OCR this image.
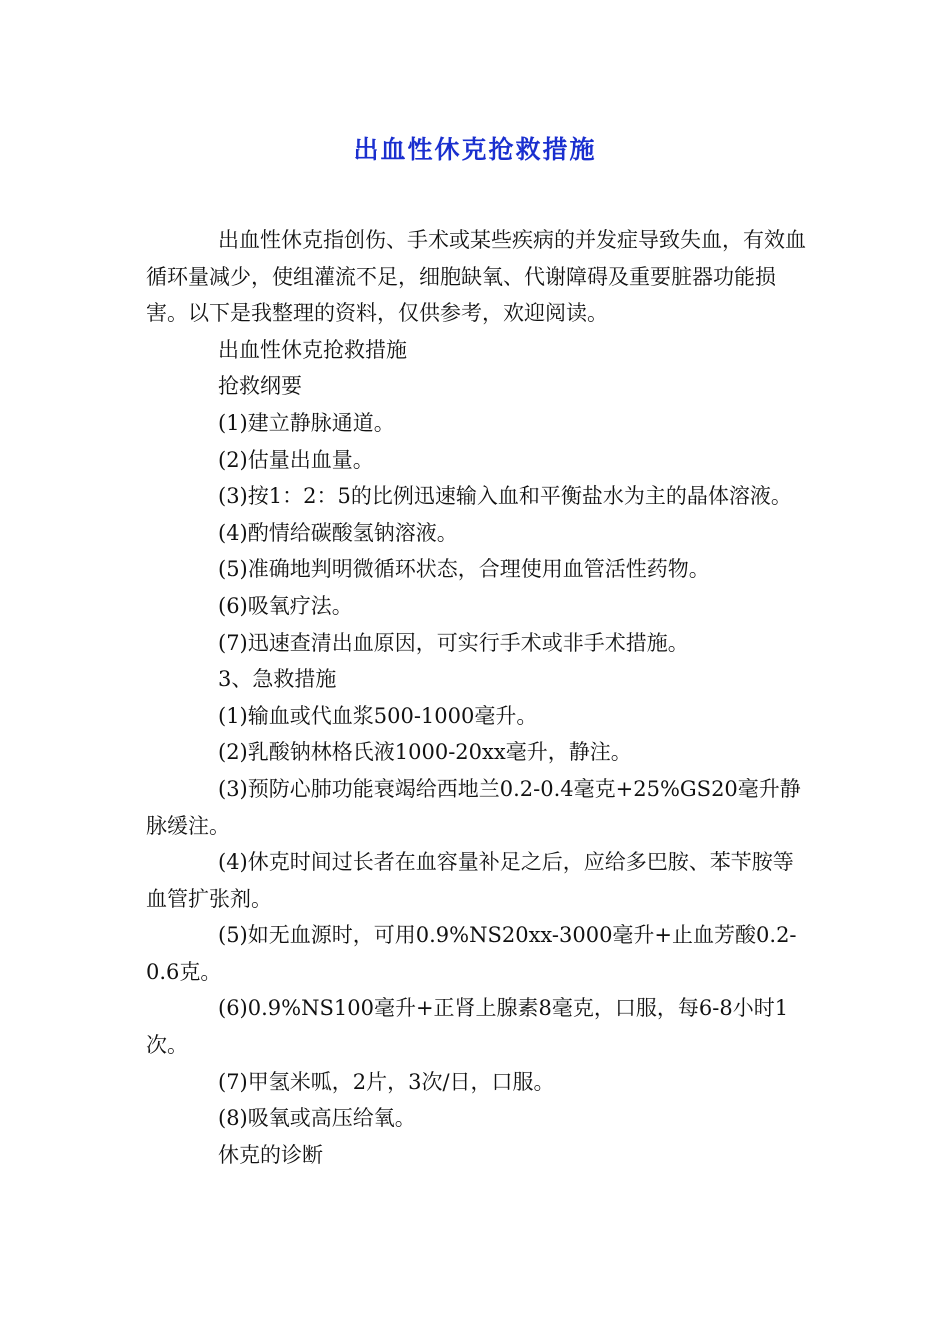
出血性休克抢救措施

出血性休克指创伤、手术或某些疾病的并发症导致失血，有效血循环量减少，使组灌流不足，细胞缺氧、代谢障碍及重要脏器功能损害。以下是我整理的资料，仅供参考，欢迎阅读。

出血性休克抢救措施

抢救纲要

(1)建立静脉通道。

(2)估量出血量。

(3)按1：2：5的比例迅速输入血和平衡盐水为主的晶体溶液。

(4)酌情给碳酸氢钠溶液。

(5)准确地判明微循环状态，合理使用血管活性药物。

(6)吸氧疗法。

(7)迅速查清出血原因，可实行手术或非手术措施。

3、急救措施

(1)输血或代血浆500-1000毫升。

(2)乳酸钠林格氏液1000-20xx毫升，静注。

(3)预防心肺功能衰竭给西地兰0.2-0.4毫克+25%GS20毫升静脉缓注。

(4)休克时间过长者在血容量补足之后，应给多巴胺、苯苄胺等血管扩张剂。

(5)如无血源时，可用0.9%NS20xx-3000毫升+止血芳酸0.2-0.6克。

(6)0.9%NS100毫升+正肾上腺素8毫克，口服，每6-8小时1次。

(7)甲氢米呱，2片，3次/日，口服。

(8)吸氧或高压给氧。

休克的诊断
